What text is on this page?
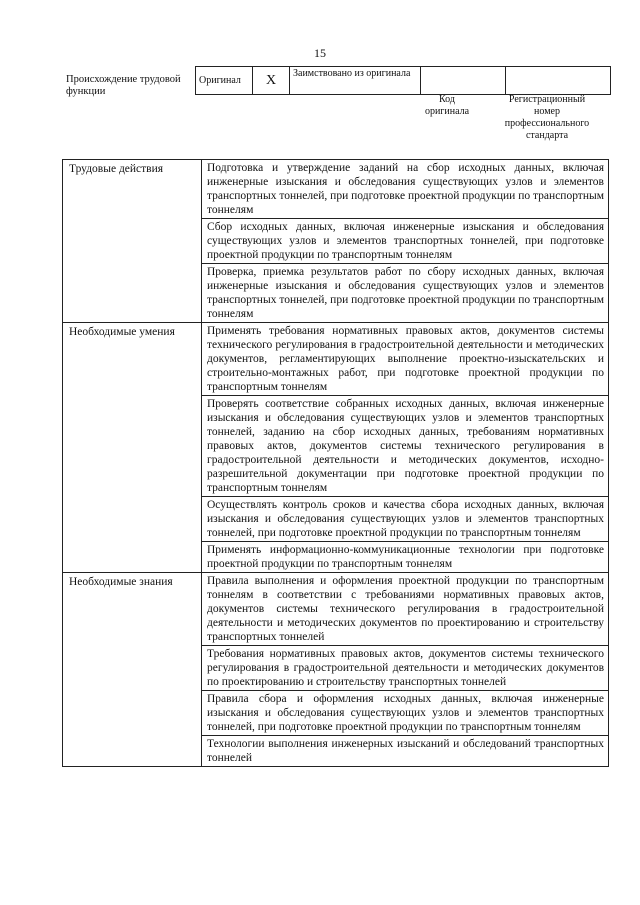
15
Происхождение трудовой функции
Оригинал	X	Заимствовано из оригинала		
Код оригинала
Регистрационный номер профессионального стандарта
Трудовые действия	Подготовка и утверждение заданий на сбор исходных данных, включая инженерные изыскания и обследования существующих узлов и элементов транспортных тоннелей, при подготовке проектной продукции по транспортным тоннелям
	Сбор исходных данных, включая инженерные изыскания и обследования существующих узлов и элементов транспортных тоннелей, при подготовке проектной продукции по транспортным тоннелям
	Проверка, приемка результатов работ по сбору исходных данных, включая инженерные изыскания и обследования существующих узлов и элементов транспортных тоннелей, при подготовке проектной продукции по транспортным тоннелям
Необходимые умения	Применять требования нормативных правовых актов, документов системы технического регулирования в градостроительной деятельности и методических документов, регламентирующих выполнение проектно-изыскательских и строительно-монтажных работ, при подготовке проектной продукции по транспортным тоннелям
	Проверять соответствие собранных исходных данных, включая инженерные изыскания и обследования существующих узлов и элементов транспортных тоннелей, заданию на сбор исходных данных, требованиям нормативных правовых актов, документов системы технического регулирования в градостроительной деятельности и методических документов, исходно-разрешительной документации при подготовке проектной продукции по транспортным тоннелям
	Осуществлять контроль сроков и качества сбора исходных данных, включая изыскания и обследования существующих узлов и элементов транспортных тоннелей, при подготовке проектной продукции по транспортным тоннелям
	Применять информационно-коммуникационные технологии при подготовке проектной продукции по транспортным тоннелям
Необходимые знания	Правила выполнения и оформления проектной продукции по транспортным тоннелям в соответствии с требованиями нормативных правовых актов, документов системы технического регулирования в градостроительной деятельности и методических документов по проектированию и строительству транспортных тоннелей
	Требования нормативных правовых актов, документов системы технического регулирования в градостроительной деятельности и методических документов по проектированию и строительству транспортных тоннелей
	Правила сбора и оформления исходных данных, включая инженерные изыскания и обследования существующих узлов и элементов транспортных тоннелей, при подготовке проектной продукции по транспортным тоннелям
	Технологии выполнения инженерных изысканий и обследований транспортных тоннелей
